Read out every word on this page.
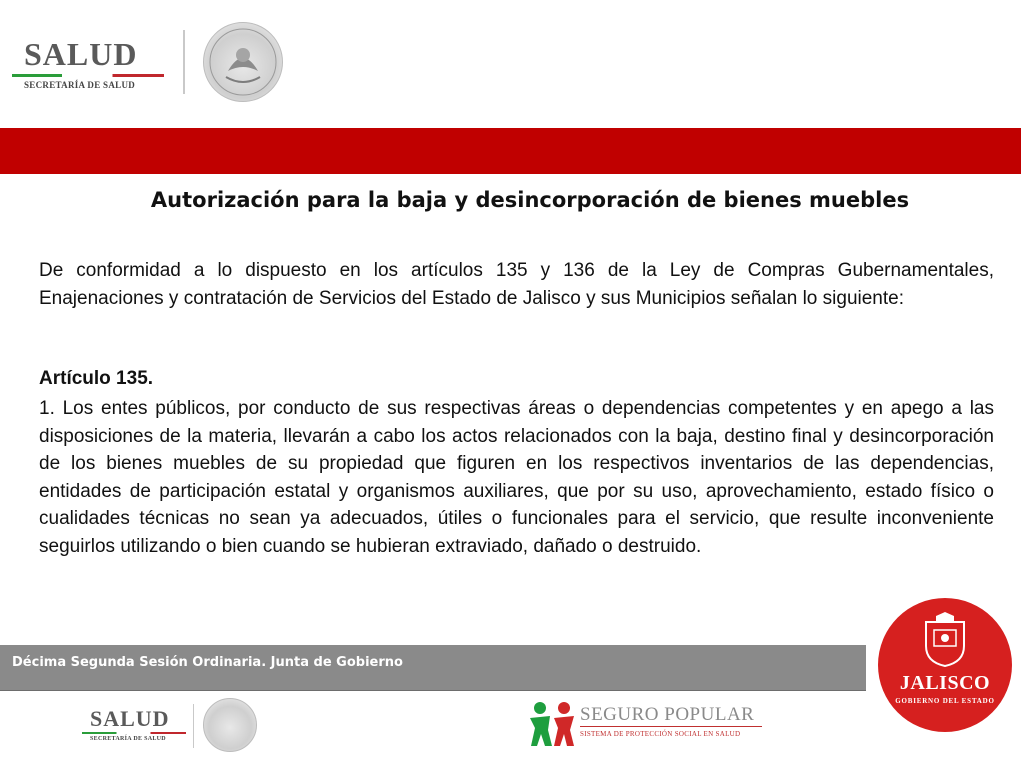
SALUD
SECRETARÍA DE SALUD
Autorización para la baja y desincorporación de bienes muebles
De conformidad a lo dispuesto en los artículos 135 y 136 de la Ley de Compras Gubernamentales, Enajenaciones y contratación de Servicios del Estado de Jalisco y sus Municipios señalan lo siguiente:
Artículo 135.
1. Los entes públicos, por conducto de sus respectivas áreas o dependencias competentes y en apego a las disposiciones de la materia, llevarán a cabo los actos relacionados con la baja, destino final y desincorporación de los bienes muebles de su propiedad que figuren en los respectivos inventarios de las dependencias, entidades de participación estatal y organismos auxiliares, que por su uso, aprovechamiento, estado físico o cualidades técnicas no sean ya adecuados, útiles o funcionales para el servicio, que resulte inconveniente seguirlos utilizando o bien cuando se hubieran extraviado, dañado o destruido.
JALISCO
GOBIERNO DEL ESTADO
Décima Segunda Sesión Ordinaria. Junta de Gobierno
SALUD
SECRETARÍA DE SALUD
SEGURO POPULAR
SISTEMA DE PROTECCIÓN SOCIAL EN SALUD
